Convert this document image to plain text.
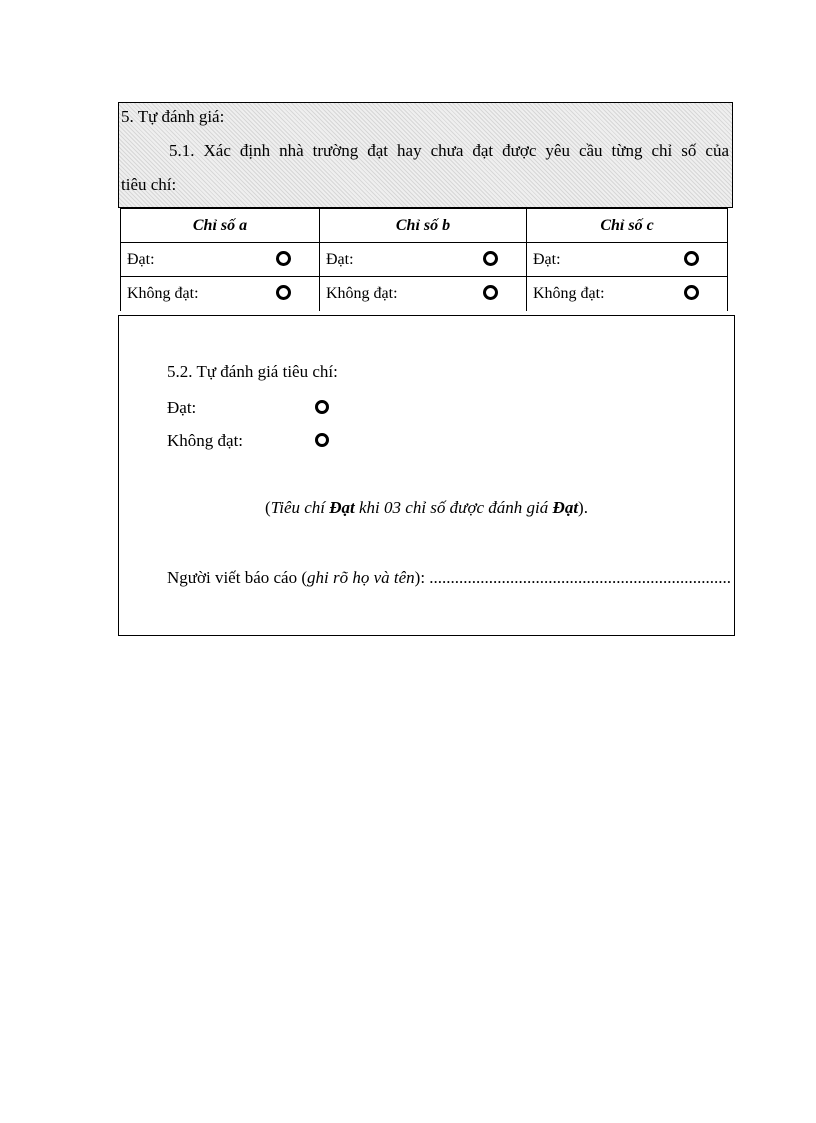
5. Tự đánh giá:
5.1. Xác định nhà trường đạt hay chưa đạt được yêu cầu từng chỉ số của
tiêu chí:
Chỉ số a	Chỉ số b	Chỉ số c
Đạt:	Đạt:	Đạt:

Không đạt:	Không đạt:	Không đạt:
5.2. Tự đánh giá tiêu chí:
Đạt:
Không đạt:
(Tiêu chí Đạt khi 03 chỉ số được đánh giá Đạt).
Người viết báo cáo (ghi rõ họ và tên): .......................................................................
